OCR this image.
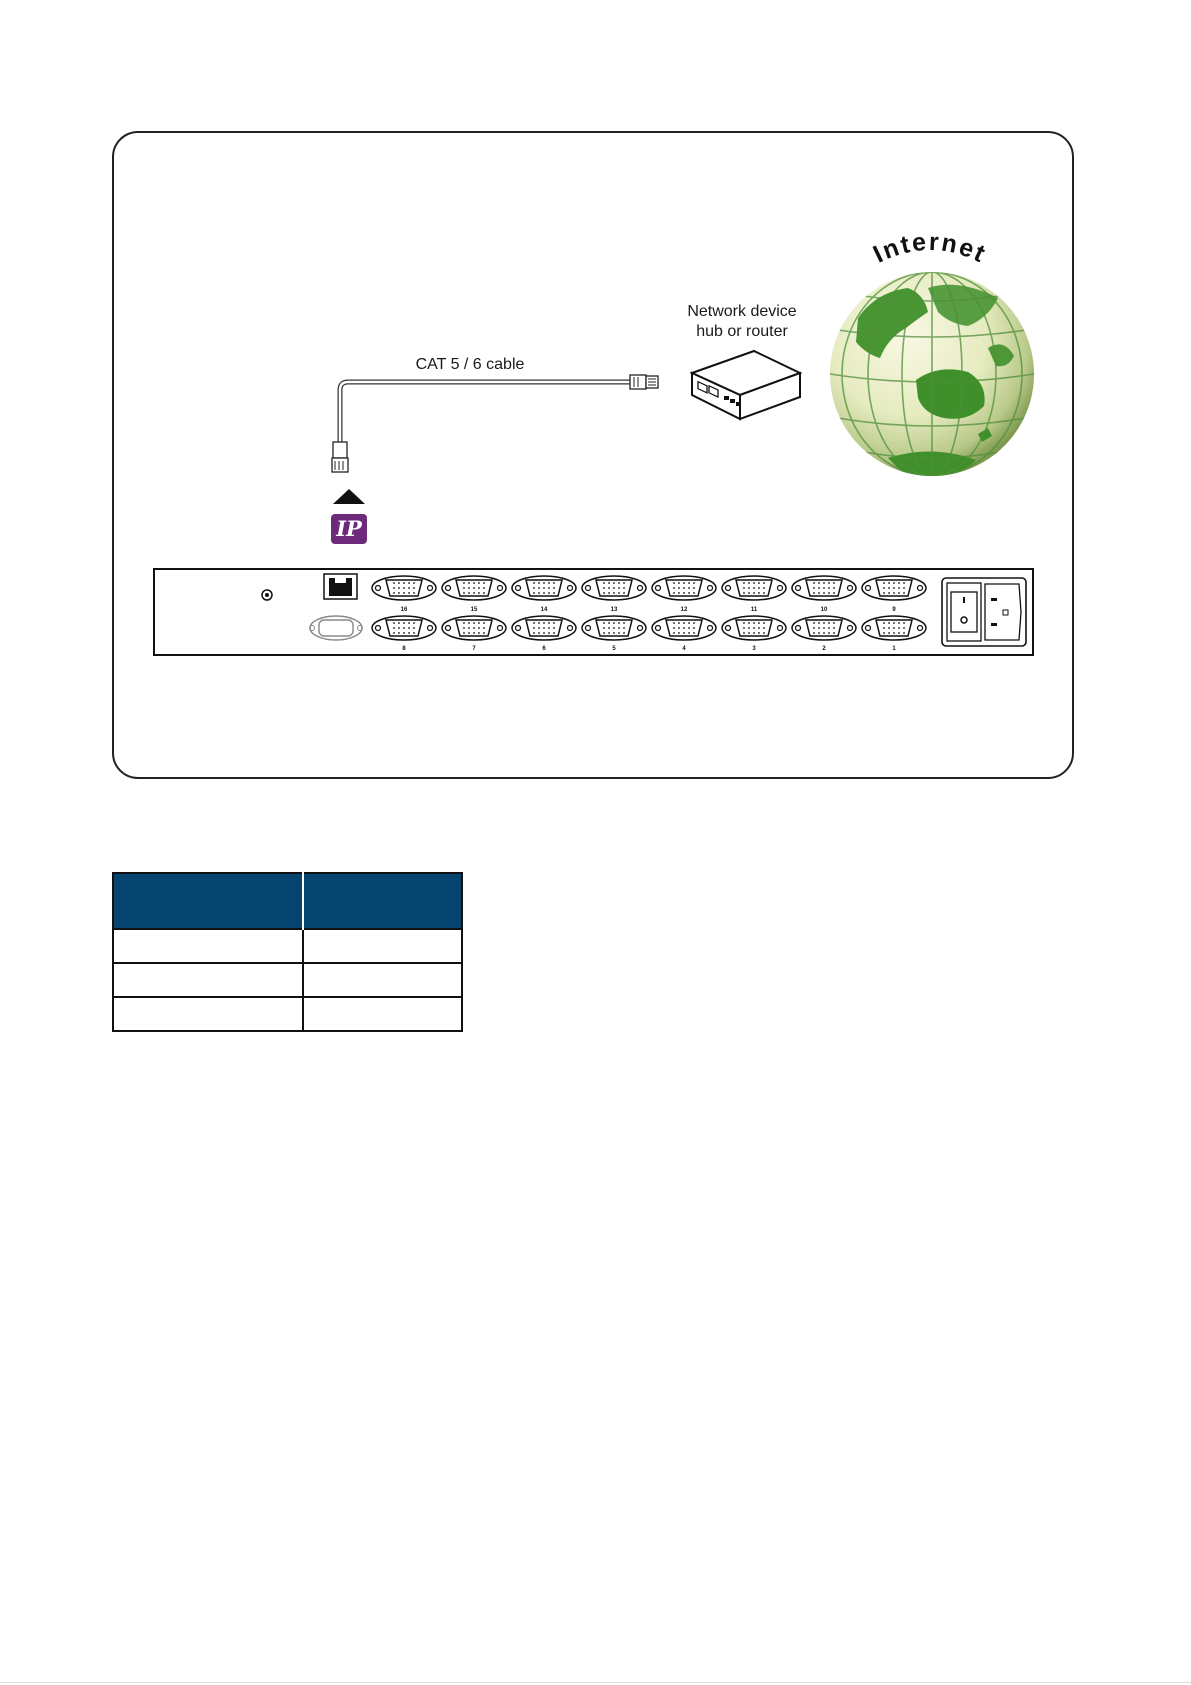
Internet
Network device
hub or router
CAT 5 / 6 cable
IP
16	15	14	13	12	11	10	9
8	7	6	5	4	3	2	1
